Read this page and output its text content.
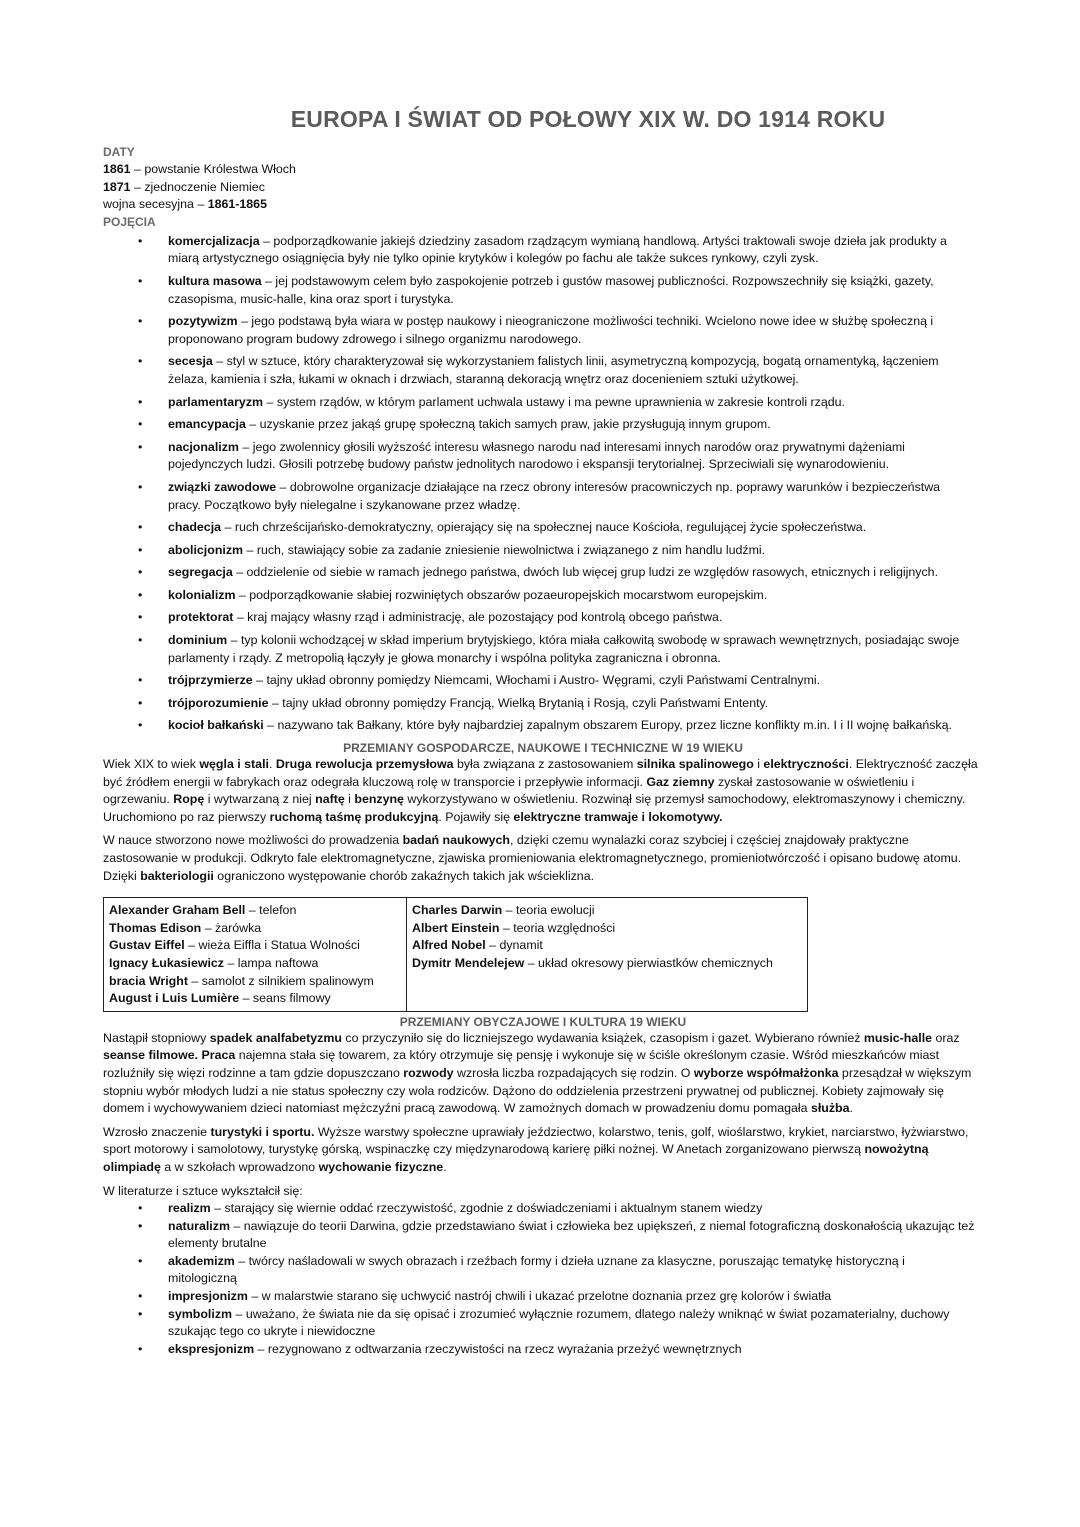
EUROPA I ŚWIAT OD POŁOWY XIX W. DO 1914 ROKU
DATY
1861 – powstanie Królestwa Włoch
1871 – zjednoczenie Niemiec
wojna secesyjna – 1861-1865
POJĘCIA
• komercjalizacja – podporządkowanie jakiejś dziedziny zasadom rządzącym wymianą handlową. Artyści traktowali swoje dzieła jak produkty a miarą artystycznego osiągnięcia były nie tylko opinie krytyków i kolegów po fachu ale także sukces rynkowy, czyli zysk.
• kultura masowa – jej podstawowym celem było zaspokojenie potrzeb i gustów masowej publiczności. Rozpowszechniły się książki, gazety, czasopisma, music-halle, kina oraz sport i turystyka.
• pozytywizm – jego podstawą była wiara w postęp naukowy i nieograniczone możliwości techniki. Wcielono nowe idee w służbę społeczną i proponowano program budowy zdrowego i silnego organizmu narodowego.
• secesja – styl w sztuce, który charakteryzował się wykorzystaniem falistych linii, asymetryczną kompozycją, bogatą ornamentyką, łączeniem żelaza, kamienia i szła, łukami w oknach i drzwiach, staranną dekoracją wnętrz oraz docenieniem sztuki użytkowej.
• parlamentaryzm – system rządów, w którym parlament uchwala ustawy i ma pewne uprawnienia w zakresie kontroli rządu.
• emancypacja – uzyskanie przez jakąś grupę społeczną takich samych praw, jakie przysługują innym grupom.
• nacjonalizm – jego zwolennicy głosili wyższość interesu własnego narodu nad interesami innych narodów oraz prywatnymi dążeniami pojedynczych ludzi. Głosili potrzebę budowy państw jednolitych narodowo i ekspansji terytorialnej. Sprzeciwiali się wynarodowieniu.
• związki zawodowe – dobrowolne organizacje działające na rzecz obrony interesów pracowniczych np. poprawy warunków i bezpieczeństwa pracy. Początkowo były nielegalne i szykanowane przez władzę.
• chadecja – ruch chrześcijańsko-demokratyczny, opierający się na społecznej nauce Kościoła, regulującej życie społeczeństwa.
• abolicjonizm – ruch, stawiający sobie za zadanie zniesienie niewolnictwa i związanego z nim handlu ludźmi.
• segregacja – oddzielenie od siebie w ramach jednego państwa, dwóch lub więcej grup ludzi ze względów rasowych, etnicznych i religijnych.
• kolonializm – podporządkowanie słabiej rozwiniętych obszarów pozaeuropejskich mocarstwom europejskim.
• protektorat – kraj mający własny rząd i administrację, ale pozostający pod kontrolą obcego państwa.
• dominium – typ kolonii wchodzącej w skład imperium brytyjskiego, która miała całkowitą swobodę w sprawach wewnętrznych, posiadając swoje parlamenty i rządy. Z metropolią łączyły je głowa monarchy i wspólna polityka zagraniczna i obronna.
• trójprzymierze – tajny układ obronny pomiędzy Niemcami, Włochami i Austro- Węgrami, czyli Państwami Centralnymi.
• trójporozumienie – tajny układ obronny pomiędzy Francją, Wielką Brytanią i Rosją, czyli Państwami Ententy.
• kocioł bałkański – nazywano tak Bałkany, które były najbardziej zapalnym obszarem Europy, przez liczne konflikty m.in. I i II wojnę bałkańską.
PRZEMIANY GOSPODARCZE, NAUKOWE I TECHNICZNE W 19 WIEKU

Wiek XIX to wiek węgla i stali. Druga rewolucja przemysłowa była związana z zastosowaniem silnika spalinowego i elektryczności. Elektryczność zaczęła być źródłem energii w fabrykach oraz odegrała kluczową rolę w transporcie i przepływie informacji. Gaz ziemny zyskał zastosowanie w oświetleniu i ogrzewaniu. Ropę i wytwarzaną z niej naftę i benzynę wykorzystywano w oświetleniu. Rozwinął się przemysł samochodowy, elektromaszynowy i chemiczny. Uruchomiono po raz pierwszy ruchomą taśmę produkcyjną. Pojawiły się elektryczne tramwaje i lokomotywy.

W nauce stworzono nowe możliwości do prowadzenia badań naukowych, dzięki czemu wynalazki coraz szybciej i częściej znajdowały praktyczne zastosowanie w produkcji. Odkryto fale elektromagnetyczne, zjawiska promieniowania elektromagnetycznego, promieniotwórczość i opisano budowę atomu. Dzięki bakteriologii ograniczono występowanie chorób zakaźnych takich jak wścieklizna.

Alexander Graham Bell – telefon
Thomas Edison – żarówka
Gustav Eiffel – wieża Eiffla i Statua Wolności
Ignacy Łukasiewicz – lampa naftowa
bracia Wright – samolot z silnikiem spalinowym
August i Luis Lumière – seans filmowy
Charles Darwin – teoria ewolucji
Albert Einstein – teoria względności
Alfred Nobel – dynamit
Dymitr Mendelejew – układ okresowy pierwiastków chemicznych
PRZEMIANY OBYCZAJOWE I KULTURA 19 WIEKU

Nastąpił stopniowy spadek analfabetyzmu co przyczyniło się do liczniejszego wydawania książek, czasopism i gazet. Wybierano również music-halle oraz seanse filmowe. Praca najemna stała się towarem, za który otrzymuje się pensję i wykonuje się w ściśle określonym czasie. Wśród mieszkańców miast rozluźniły się więzi rodzinne a tam gdzie dopuszczano rozwody wzrosła liczba rozpadających się rodzin. O wyborze współmałżonka przesądzał w większym stopniu wybór młodych ludzi a nie status społeczny czy wola rodziców. Dążono do oddzielenia przestrzeni prywatnej od publicznej. Kobiety zajmowały się domem i wychowywaniem dzieci natomiast mężczyźni pracą zawodową. W zamożnych domach w prowadzeniu domu pomagała służba.

Wzrosło znaczenie turystyki i sportu. Wyższe warstwy społeczne uprawiały jeździectwo, kolarstwo, tenis, golf, wioślarstwo, krykiet, narciarstwo, łyżwiarstwo, sport motorowy i samolotowy, turystykę górską, wspinaczkę czy międzynarodową karierę piłki nożnej. W Anetach zorganizowano pierwszą nowożytną olimpiadę a w szkołach wprowadzono wychowanie fizyczne.

W literaturze i sztuce wykształcił się:
• realizm – starający się wiernie oddać rzeczywistość, zgodnie z doświadczeniami i aktualnym stanem wiedzy
• naturalizm – nawiązuje do teorii Darwina, gdzie przedstawiano świat i człowieka bez upiększeń, z niemal fotograficzną doskonałością ukazując też elementy brutalne
• akademizm – twórcy naśladowali w swych obrazach i rzeźbach formy i dzieła uznane za klasyczne, poruszając tematykę historyczną i mitologiczną
• impresjonizm – w malarstwie starano się uchwycić nastrój chwili i ukazać przelotne doznania przez grę kolorów i światła
• symbolizm – uważano, że świata nie da się opisać i zrozumieć wyłącznie rozumem, dlatego należy wniknąć w świat pozamaterialny, duchowy szukając tego co ukryte i niewidoczne
• ekspresjonizm – rezygnowano z odtwarzania rzeczywistości na rzecz wyrażania przeżyć wewnętrznych
